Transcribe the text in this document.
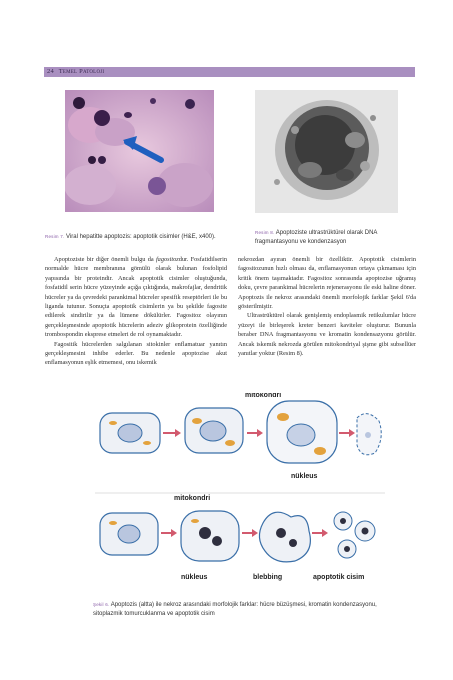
24 Temel Patoloji
Resim 7. Viral hepatitte apoptozis: apoptotik cisimler (H&E, x400).
Resim 8. Apoptoziste ultrastrüktürel olarak DNA fragmantasyonu ve kondenzasyon

Apoptoziste bir diğer önemli bulgu da fagositozdur. Fosfatidilserin normalde hücre membranına gömülü olarak bulunan fosfolipid yapısında bir proteindir. Ancak apoptotik cisimler oluştuğunda, fosfatidil serin hücre yüzeyinde açığa çıktığında, makrofajlar, dendritik hücreler ya da çevredeki parankimal hücreler spesifik reseptörleri ile bu liganda tutunur. Sonuçta apoptotik cisimlerin ya bu şekilde fagosite edilerek sindirilir ya da lümene dökülürler. Fagositoz olayının gerçekleşmesinde apoptotik hücrelerin adeziv glikoprotein özelliğinde trombospondin eksprese etmeleri de rol oynamaktadır.

Fagositik hücrelerden salgılanan sitokinler enflamatuar yanıtın gerçekleşmesini inhibe ederler. Bu nedenle apoptozise akut enflamasyonun eşlik etmemesi, onu iskemik

nekrozdan ayıran önemli bir özelliktir. Apoptotik cisimlerin fagositozunun hızlı olması da, enflamasyonun ortaya çıkmaması için kritik önem taşımaktadır. Fagositoz sonrasında apoptozise uğramış doku, çevre parankimal hücrelerin rejenerasyonu ile eski haline döner. Apoptozis ile nekroz arasındaki önemli morfolojik farklar Şekil 6'da gösterilmiştir.

Ultrastrüktürel olarak genişlemiş endoplasmik retikulumlar hücre yüzeyi ile birleşerek kreter benzeri kaviteler oluşturur. Bununla beraber DNA fragmantasyonu ve kromatin kondensazyonu görülür. Ancak iskemik nekrozda görülen mitokondriyal şişme gibi subsellüer yanıtlar yoktur (Resim 8).

mitokondri
nükleus
mitokondri
nükleus	blebbing	apoptotik cisim
Şekil 6. Apoptozis (altta) ile nekroz arasındaki morfolojik farklar: hücre büzüşmesi, kromatin kondenzasyonu, sitoplazmik tomurcuklanma ve apoptotik cisim
